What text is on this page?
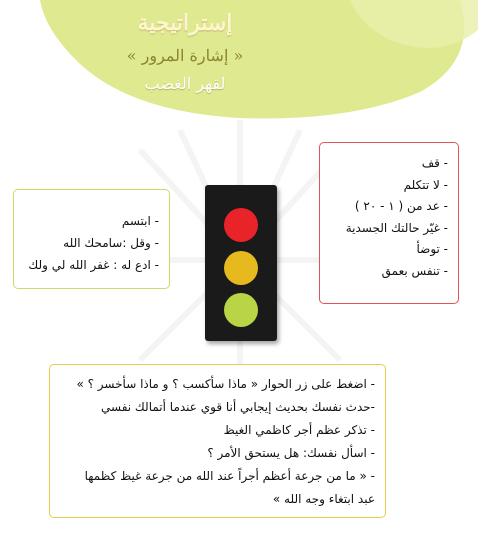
إستراتيجية
« إشارة المرور »
لقهر الغضب
- قف
- لا تتكلم
- عد من ( ١ - ٢٠ )
- غيّر حالتك الجسدية
- توضأ
- تنفس بعمق
- ابتسم
- وقل :سامحك الله
- ادع له : غفر الله لي ولك
- اضغط على زر الحوار « ماذا سأكسب ؟ و ماذا سأخسر ؟ »
-حدث نفسك بحديث إيجابي أنا قوي عندما أتمالك نفسي
- تذكر عظم أجر كاظمي الغيظ
- اسأل نفسك: هل يستحق الأمر ؟
- « ما من جرعة أعظم أجراً عند الله من جرعة غيظ كظمها
عبد ابتغاء وجه الله »
